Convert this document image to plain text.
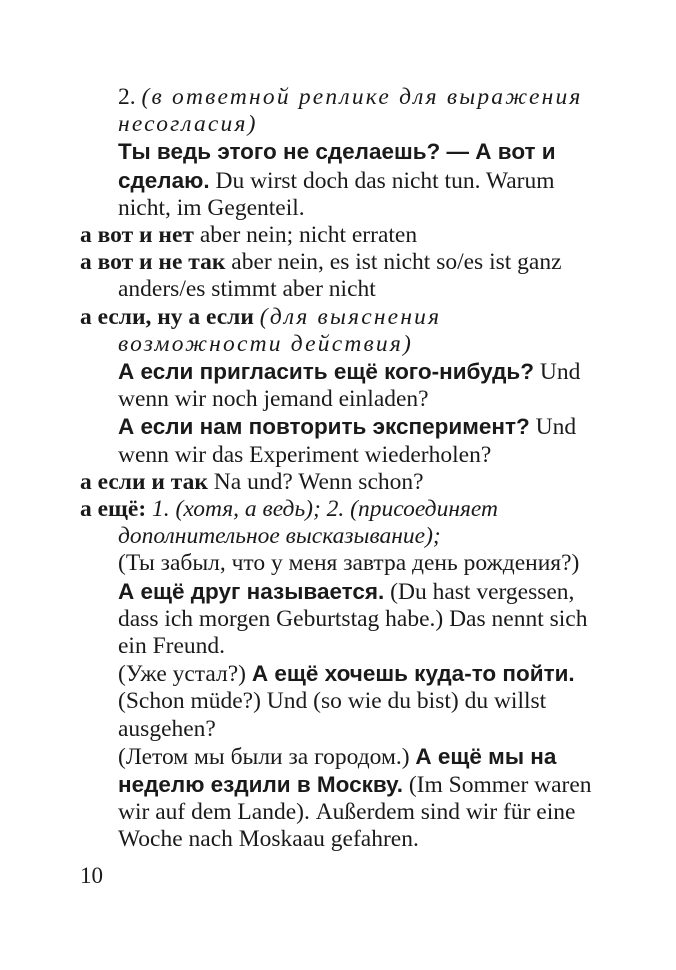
2. (в ответной реплике для выражения несогласия)

Ты ведь этого не сделаешь? — А вот и сделаю. Du wirst doch das nicht tun. Warum nicht, im Gegenteil.

а вот и нет aber nein; nicht erraten

а вот и не так aber nein, es ist nicht so/es ist ganz anders/es stimmt aber nicht

а если, ну а если (для выяснения возможности действия)

А если пригласить ещё кого-нибудь? Und wenn wir noch jemand einladen?

А если нам повторить эксперимент? Und wenn wir das Experiment wiederholen?

а если и так Na und? Wenn schon?

а ещё: 1. (хотя, а ведь); 2. (присоединяет дополнительное высказывание);

(Ты забыл, что у меня завтра день рождения?) А ещё друг называется. (Du hast vergessen, dass ich morgen Geburtstag habe.) Das nennt sich ein Freund.

(Уже устал?) А ещё хочешь куда-то пойти. (Schon müde?) Und (so wie du bist) du willst ausgehen?

(Летом мы были за городом.) А ещё мы на неделю ездили в Москву. (Im Sommer waren wir auf dem Lande). Außerdem sind wir für eine Woche nach Moskaau gefahren.

10
